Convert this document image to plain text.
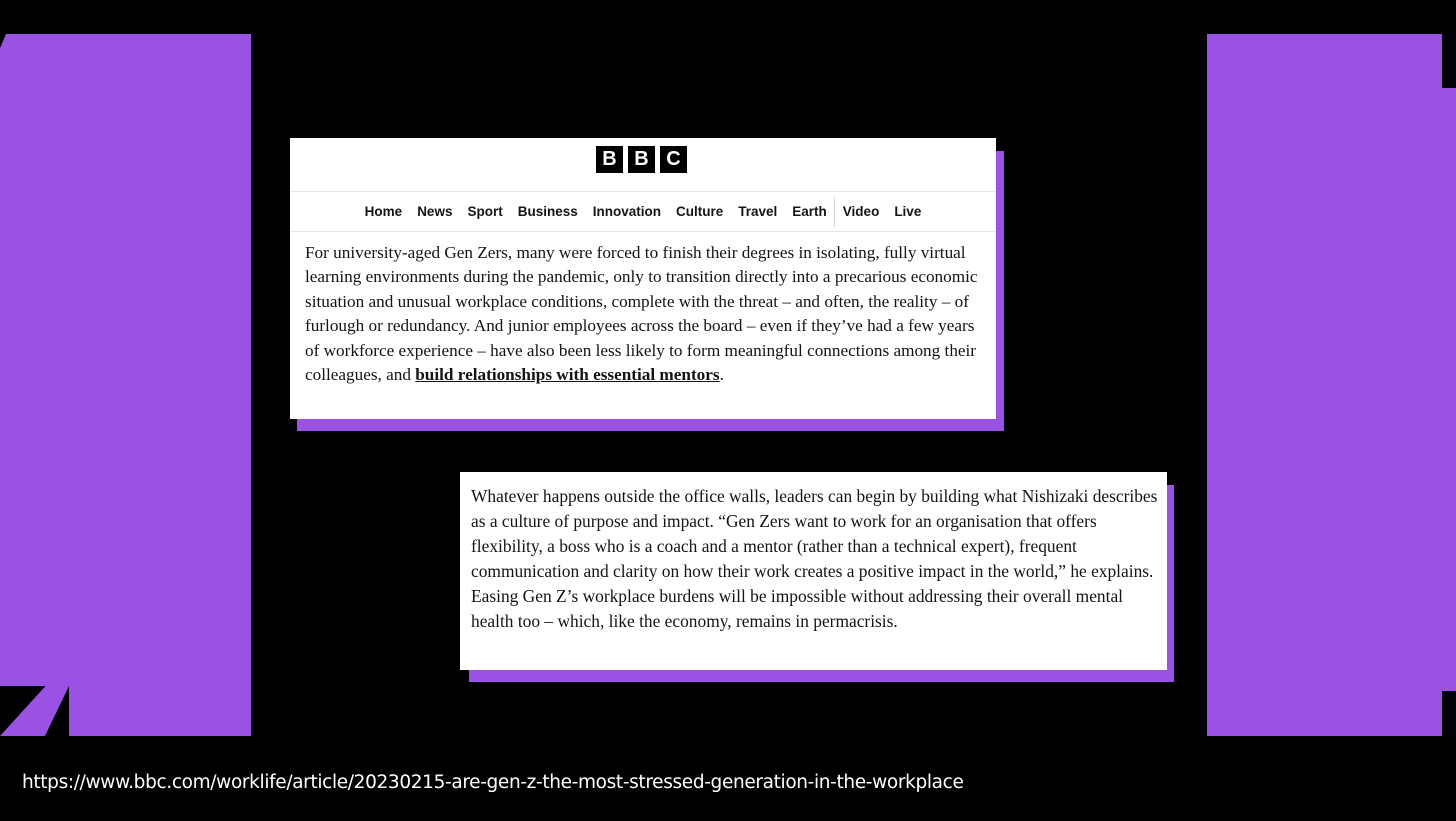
B B C
Home	News	Sport	Business	Innovation	Culture	Travel	Earth	Video	Live

For university-aged Gen Zers, many were forced to finish their degrees in isolating, fully virtual learning environments during the pandemic, only to transition directly into a precarious economic situation and unusual workplace conditions, complete with the threat – and often, the reality – of furlough or redundancy. And junior employees across the board – even if they’ve had a few years of workforce experience – have also been less likely to form meaningful connections among their colleagues, and build relationships with essential mentors.

Whatever happens outside the office walls, leaders can begin by building what Nishizaki describes as a culture of purpose and impact. “Gen Zers want to work for an organisation that offers flexibility, a boss who is a coach and a mentor (rather than a technical expert), frequent communication and clarity on how their work creates a positive impact in the world,” he explains. Easing Gen Z’s workplace burdens will be impossible without addressing their overall mental health too – which, like the economy, remains in permacrisis.

https://www.bbc.com/worklife/article/20230215-are-gen-z-the-most-stressed-generation-in-the-workplace
